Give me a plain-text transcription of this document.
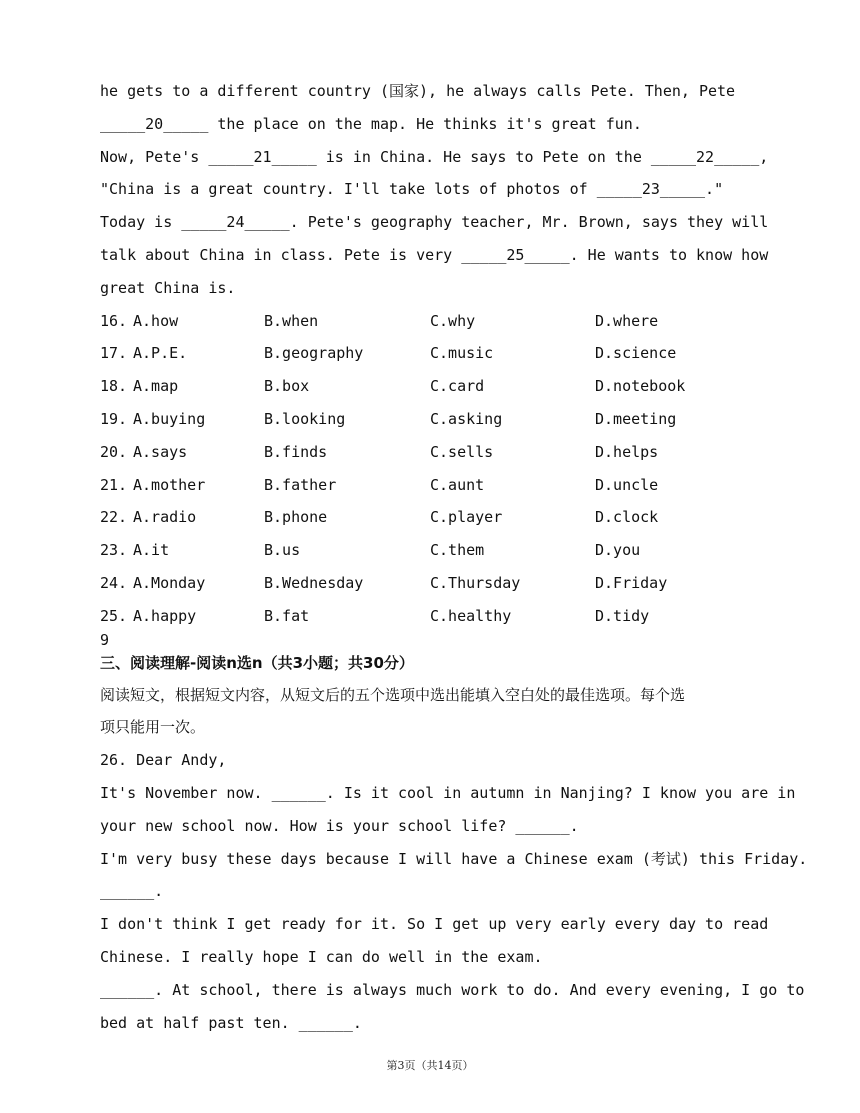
he gets to a different country (国家), he always calls Pete. Then, Pete
_____20_____ the place on the map. He thinks it's great fun.
Now, Pete's _____21_____ is in China. He says to Pete on the _____22_____,
"China is a great country. I'll take lots of photos of _____23_____."
Today is _____24_____. Pete's geography teacher, Mr. Brown, says they will
talk about China in class. Pete is very _____25_____. He wants to know how
great China is.
16. A.how	B.when	C.why	D.where
17. A.P.E.	B.geography	C.music	D.science
18. A.map	B.box	C.card	D.notebook
19. A.buying	B.looking	C.asking	D.meeting
20. A.says	B.finds	C.sells	D.helps
21. A.mother	B.father	C.aunt	D.uncle
22. A.radio	B.phone	C.player	D.clock
23. A.it	B.us	C.them	D.you
24. A.Monday	B.Wednesday	C.Thursday	D.Friday
25. A.happy	B.fat	C.healthy	D.tidy
9
三、阅读理解-阅读n选n（共3小题；共30分）
阅读短文，根据短文内容，从短文后的五个选项中选出能填入空白处的最佳选项。每个选
项只能用一次。
26. Dear Andy,
It's November now. ______. Is it cool in autumn in Nanjing? I know you are in
your new school now. How is your school life? ______.
I'm very busy these days because I will have a Chinese exam (考试) this Friday.
______.
I don't think I get ready for it. So I get up very early every day to read
Chinese. I really hope I can do well in the exam.
______. At school, there is always much work to do. And every evening, I go to
bed at half past ten. ______.
第3页（共14页）
